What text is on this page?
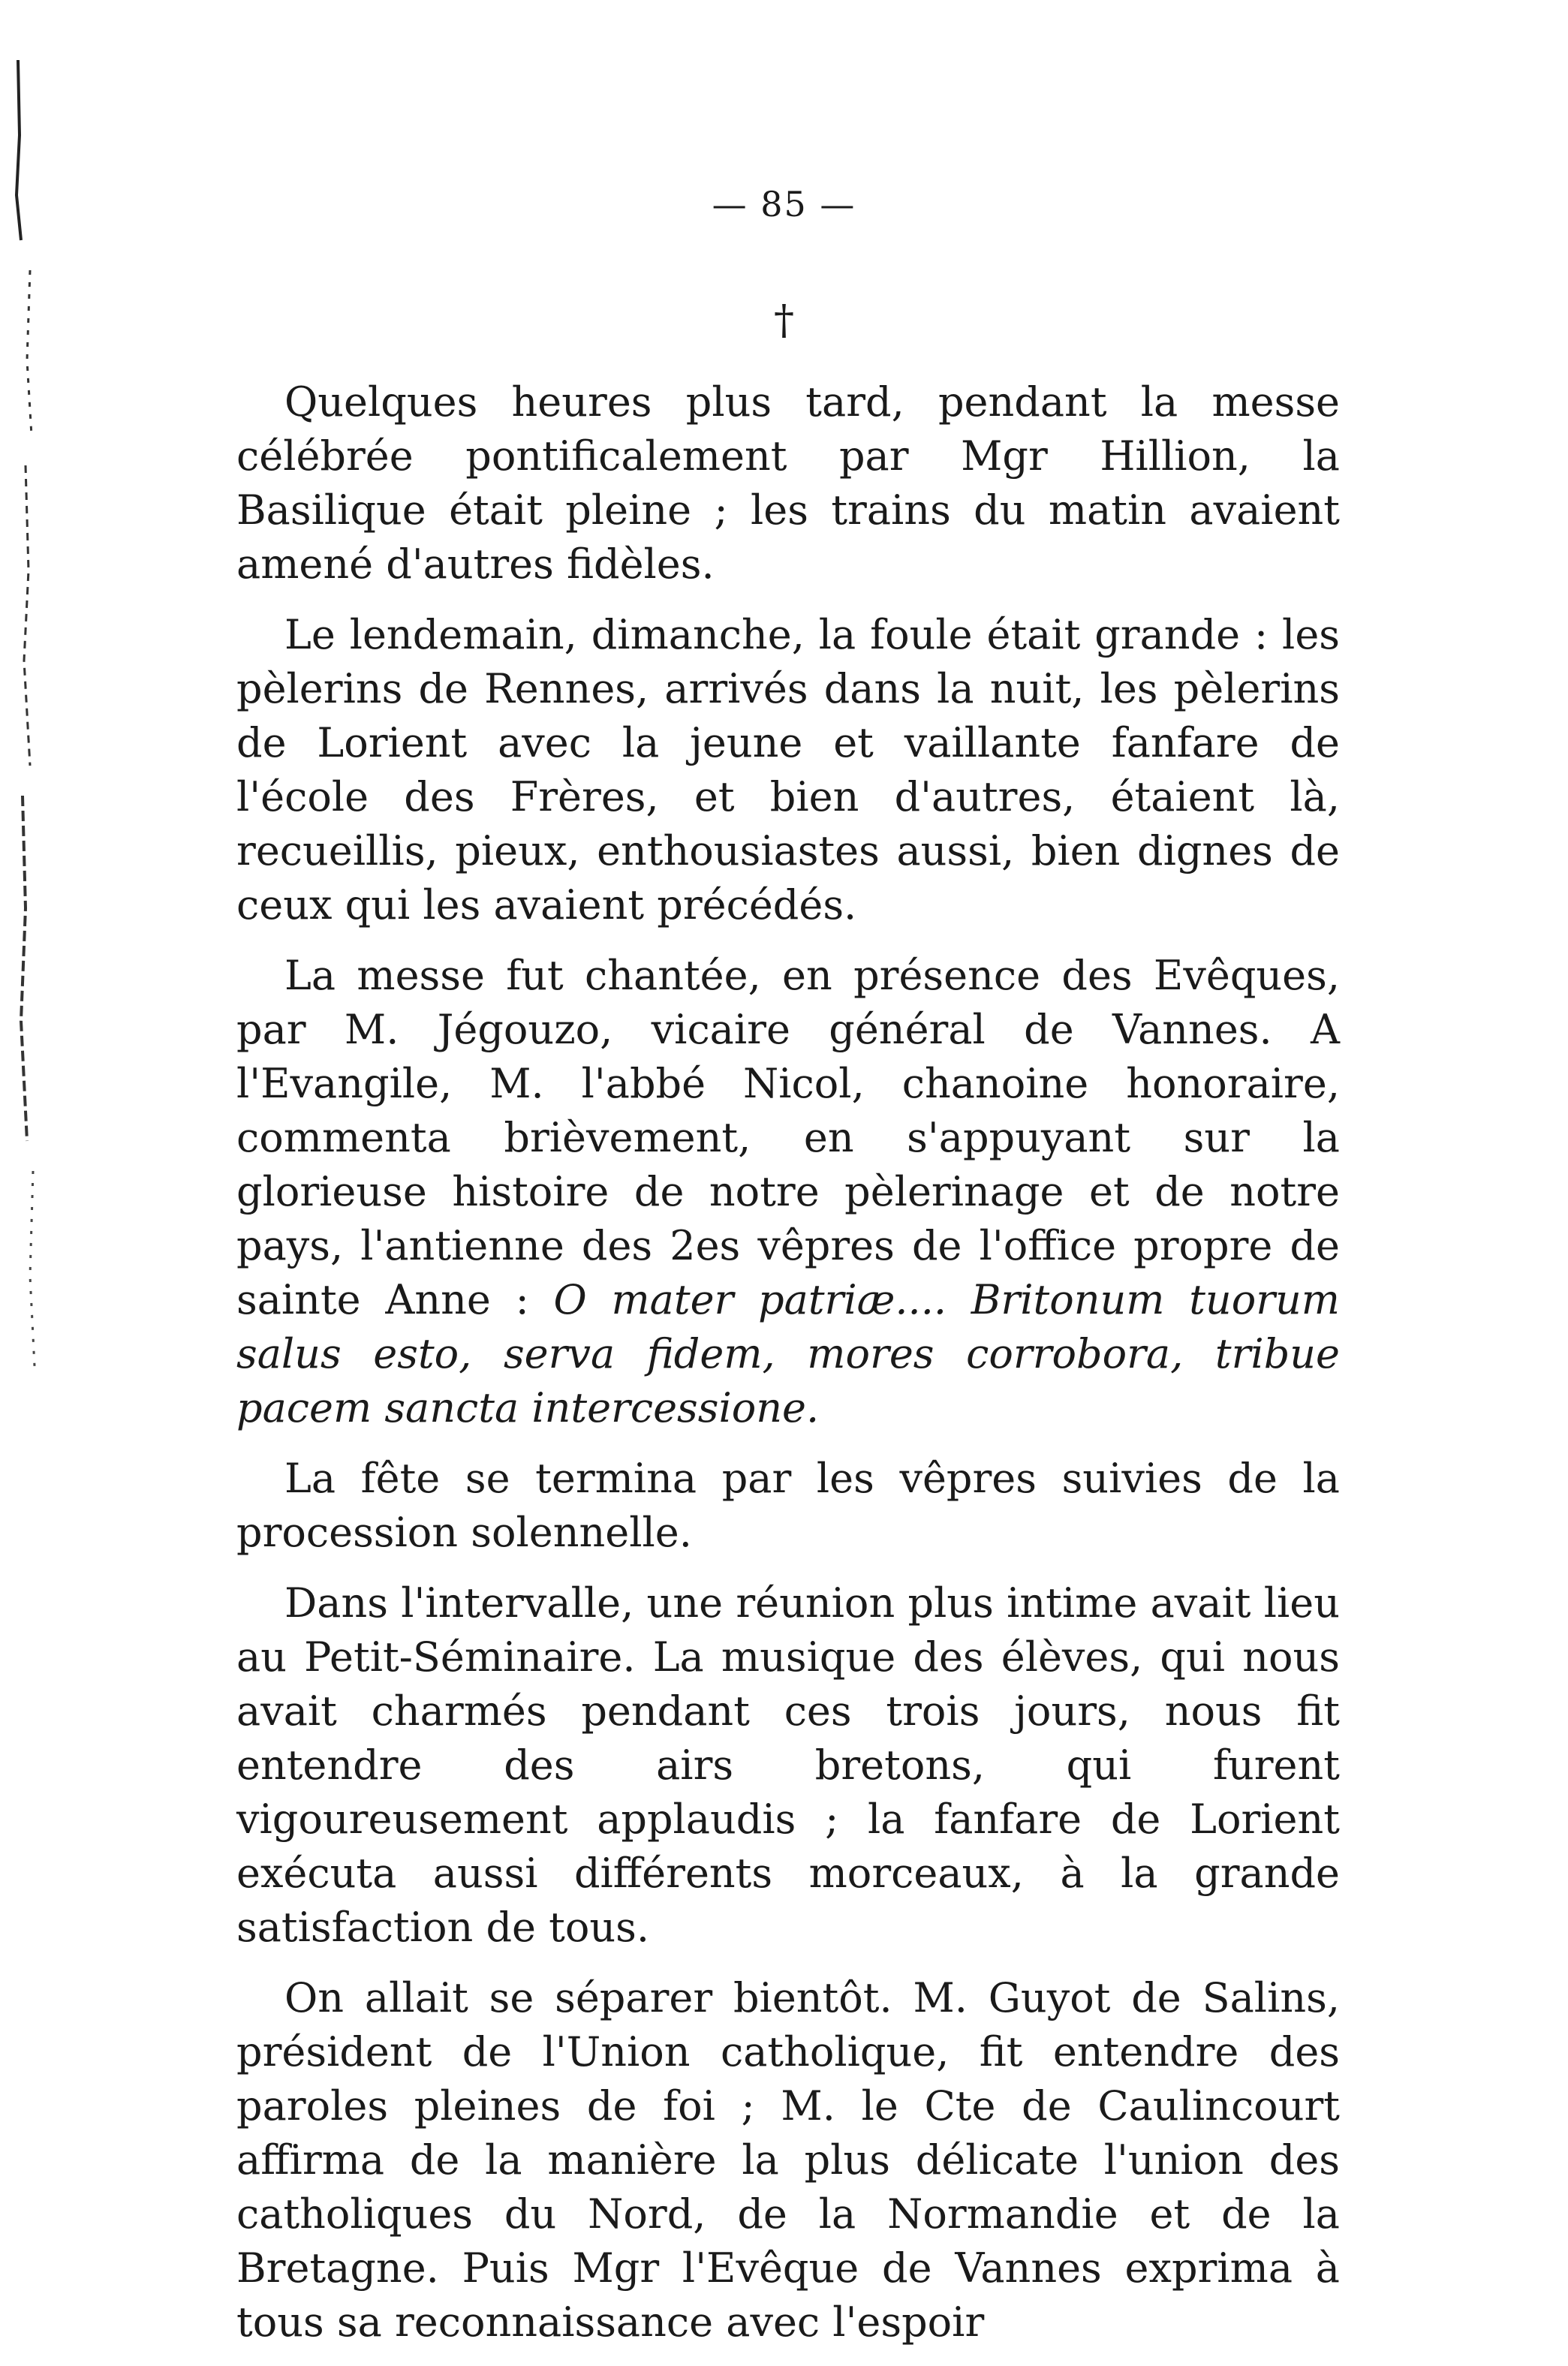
— 85 —
†

Quelques heures plus tard, pendant la messe célébrée pontificalement par Mgr Hillion, la Basilique était pleine ; les trains du matin avaient amené d'autres fidèles.

Le lendemain, dimanche, la foule était grande : les pèlerins de Rennes, arrivés dans la nuit, les pèlerins de Lorient avec la jeune et vaillante fanfare de l'école des Frères, et bien d'autres, étaient là, recueillis, pieux, enthousiastes aussi, bien dignes de ceux qui les avaient précédés.

La messe fut chantée, en présence des Evêques, par M. Jégouzo, vicaire général de Vannes. A l'Evangile, M. l'abbé Nicol, chanoine honoraire, commenta brièvement, en s'appuyant sur la glorieuse histoire de notre pèlerinage et de notre pays, l'antienne des 2es vêpres de l'office propre de sainte Anne : O mater patriæ.... Britonum tuorum salus esto, serva fidem, mores corrobora, tribue pacem sancta intercessione.

La fête se termina par les vêpres suivies de la procession solennelle.

Dans l'intervalle, une réunion plus intime avait lieu au Petit-Séminaire. La musique des élèves, qui nous avait charmés pendant ces trois jours, nous fit entendre des airs bretons, qui furent vigoureusement applaudis ; la fanfare de Lorient exécuta aussi différents morceaux, à la grande satisfaction de tous.

On allait se séparer bientôt. M. Guyot de Salins, président de l'Union catholique, fit entendre des paroles pleines de foi ; M. le Cte de Caulincourt affirma de la manière la plus délicate l'union des catholiques du Nord, de la Normandie et de la Bretagne. Puis Mgr l'Evêque de Vannes exprima à tous sa reconnaissance avec l'espoir
